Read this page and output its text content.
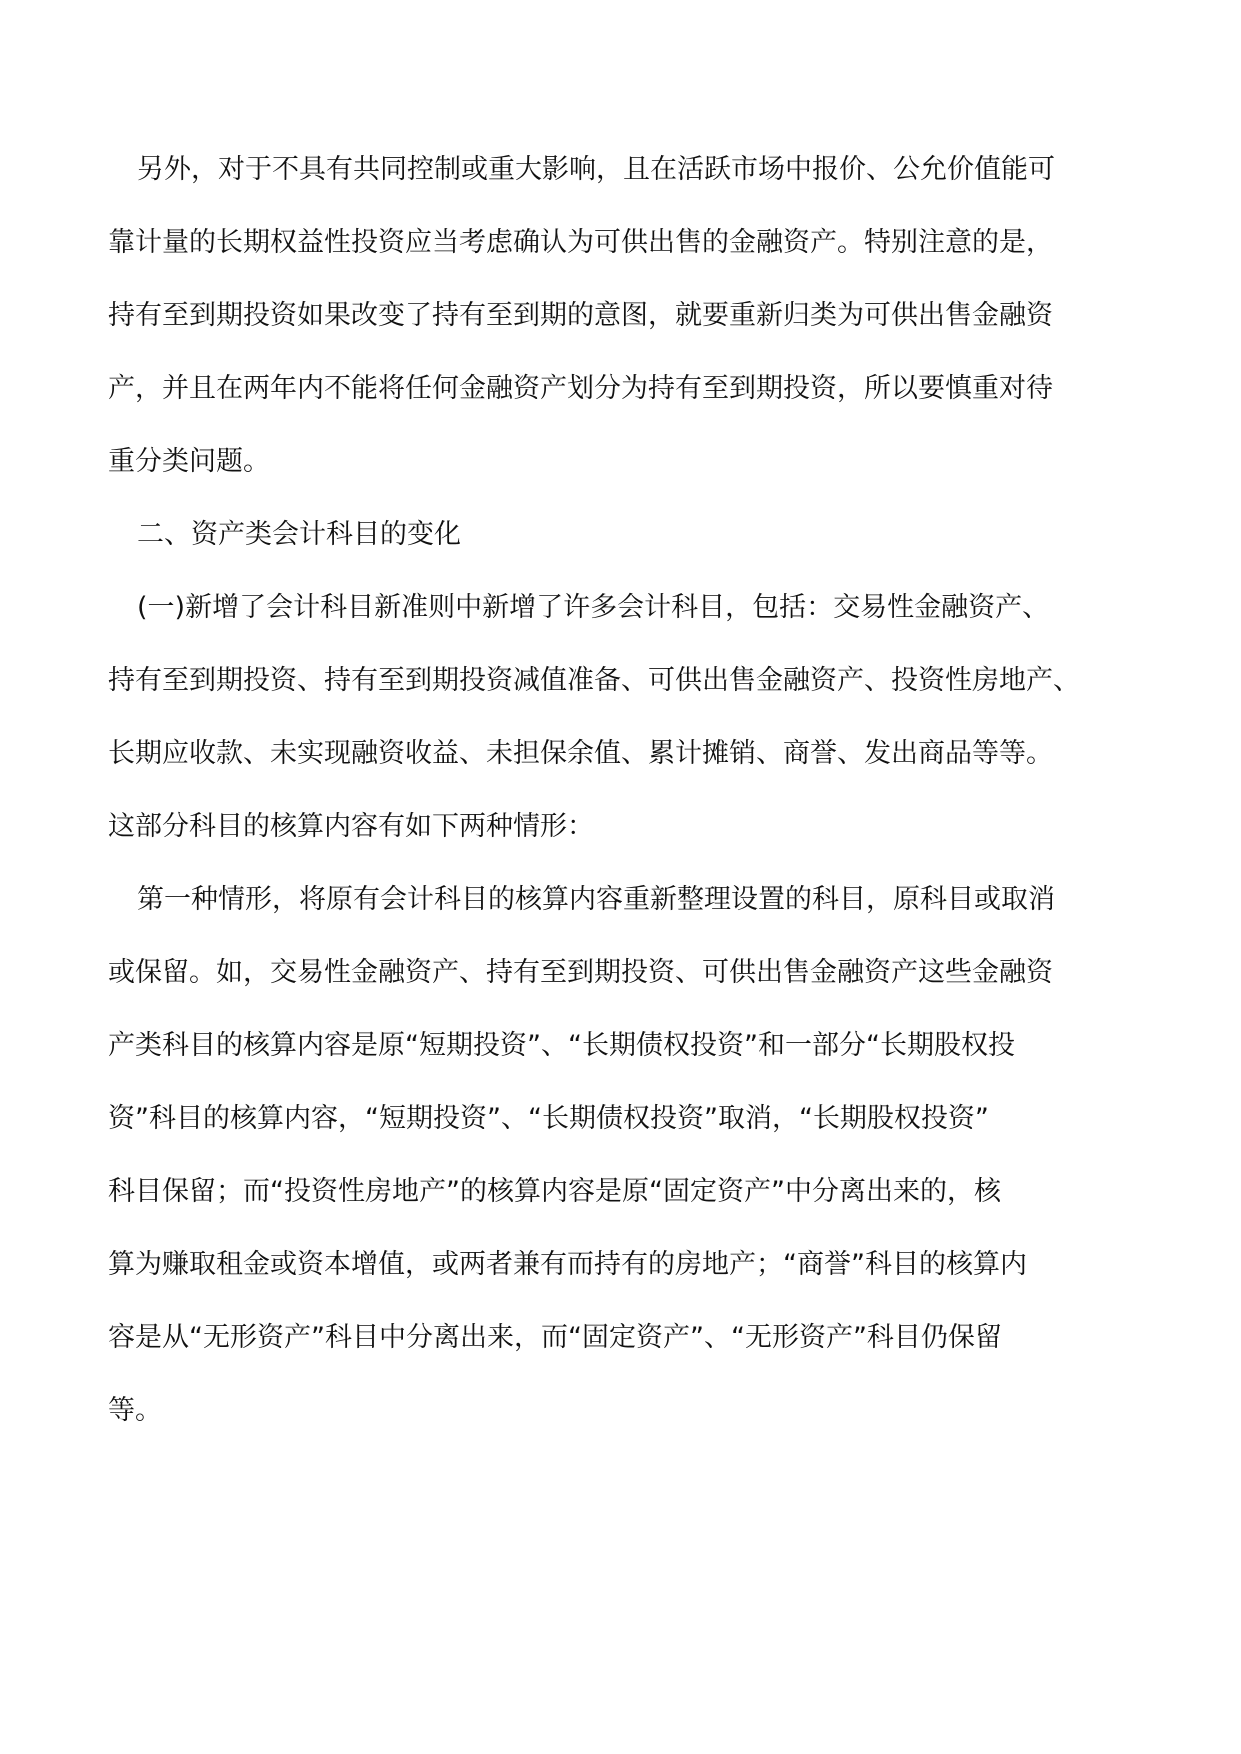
另外，对于不具有共同控制或重大影响，且在活跃市场中报价、公允价值能可
靠计量的长期权益性投资应当考虑确认为可供出售的金融资产。特别注意的是，
持有至到期投资如果改变了持有至到期的意图，就要重新归类为可供出售金融资
产，并且在两年内不能将任何金融资产划分为持有至到期投资，所以要慎重对待
重分类问题。
二、资产类会计科目的变化
(一)新增了会计科目新准则中新增了许多会计科目，包括：交易性金融资产、
持有至到期投资、持有至到期投资减值准备、可供出售金融资产、投资性房地产、
长期应收款、未实现融资收益、未担保余值、累计摊销、商誉、发出商品等等。
这部分科目的核算内容有如下两种情形：
第一种情形，将原有会计科目的核算内容重新整理设置的科目，原科目或取消
或保留。如，交易性金融资产、持有至到期投资、可供出售金融资产这些金融资
产类科目的核算内容是原“短期投资”、“长期债权投资”和一部分“长期股权投
资”科目的核算内容，“短期投资”、“长期债权投资”取消，“长期股权投资”
科目保留；而“投资性房地产”的核算内容是原“固定资产”中分离出来的，核
算为赚取租金或资本增值，或两者兼有而持有的房地产；“商誉”科目的核算内
容是从“无形资产”科目中分离出来，而“固定资产”、“无形资产”科目仍保留
等。
